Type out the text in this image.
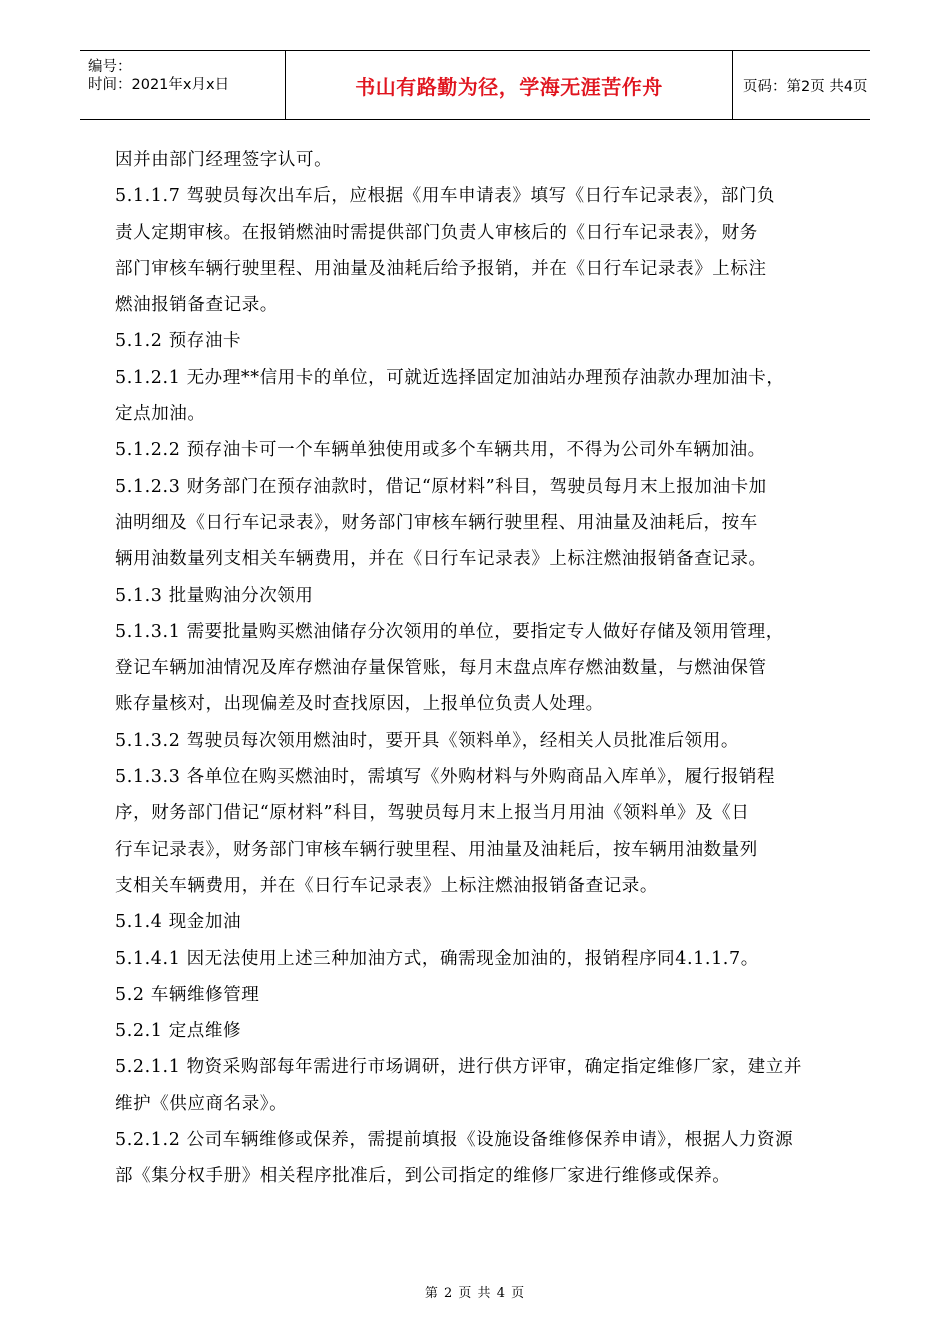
编号：
时间：2021年x月x日	书山有路勤为径，学海无涯苦作舟	页码：第2页 共4页
因并由部门经理签字认可。
5.1.1.7 驾驶员每次出车后，应根据《用车申请表》填写《日行车记录表》，部门负
责人定期审核。在报销燃油时需提供部门负责人审核后的《日行车记录表》，财务
部门审核车辆行驶里程、用油量及油耗后给予报销，并在《日行车记录表》上标注
燃油报销备查记录。
5.1.2 预存油卡
5.1.2.1 无办理**信用卡的单位，可就近选择固定加油站办理预存油款办理加油卡，
定点加油。
5.1.2.2 预存油卡可一个车辆单独使用或多个车辆共用，不得为公司外车辆加油。
5.1.2.3 财务部门在预存油款时，借记“原材料”科目，驾驶员每月末上报加油卡加
油明细及《日行车记录表》，财务部门审核车辆行驶里程、用油量及油耗后，按车
辆用油数量列支相关车辆费用，并在《日行车记录表》上标注燃油报销备查记录。
5.1.3 批量购油分次领用
5.1.3.1 需要批量购买燃油储存分次领用的单位，要指定专人做好存储及领用管理，
登记车辆加油情况及库存燃油存量保管账，每月末盘点库存燃油数量，与燃油保管
账存量核对，出现偏差及时查找原因，上报单位负责人处理。
5.1.3.2 驾驶员每次领用燃油时，要开具《领料单》，经相关人员批准后领用。
5.1.3.3 各单位在购买燃油时，需填写《外购材料与外购商品入库单》，履行报销程
序，财务部门借记“原材料”科目，驾驶员每月末上报当月用油《领料单》及《日
行车记录表》，财务部门审核车辆行驶里程、用油量及油耗后，按车辆用油数量列
支相关车辆费用，并在《日行车记录表》上标注燃油报销备查记录。
5.1.4 现金加油
5.1.4.1 因无法使用上述三种加油方式，确需现金加油的，报销程序同4.1.1.7。
5.2 车辆维修管理
5.2.1 定点维修
5.2.1.1 物资采购部每年需进行市场调研，进行供方评审，确定指定维修厂家，建立并
维护《供应商名录》。
5.2.1.2 公司车辆维修或保养，需提前填报《设施设备维修保养申请》，根据人力资源
部《集分权手册》相关程序批准后，到公司指定的维修厂家进行维修或保养。
第 2 页 共 4 页
